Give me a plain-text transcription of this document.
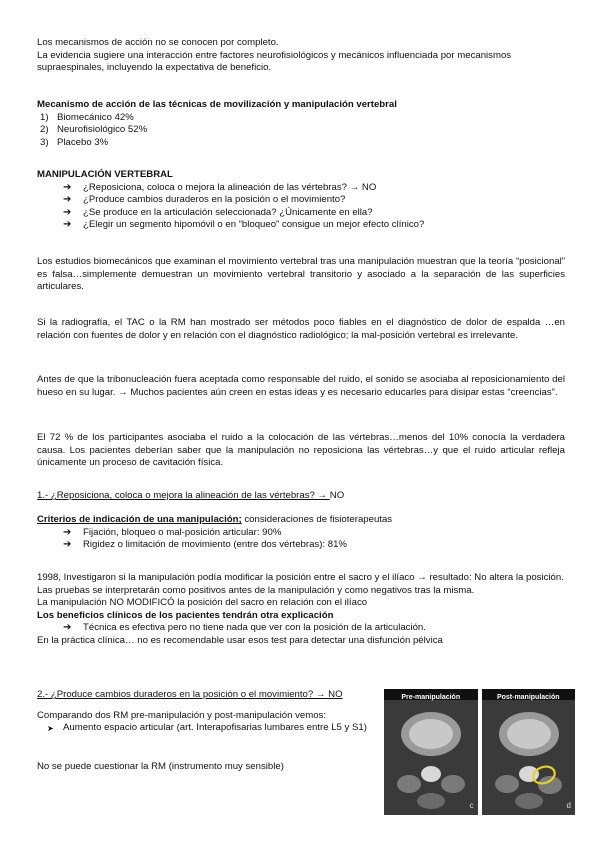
Los mecanismos de acción no se conocen por completo.

La evidencia sugiere una interacción entre factores neurofisiológicos y mecánicos influenciada por mecanismos supraespinales, incluyendo la expectativa de beneficio.

Mecanismo de acción de las técnicas de movilización y manipulación vertebral

1) Biomecánico 42%
2) Neurofisiológico 52%
3) Placebo 3%

MANIPULACIÓN VERTEBRAL

➔ ¿Reposiciona, coloca o mejora la alineación de las vértebras? → NO
➔ ¿Produce cambios duraderos en la posición o el movimiento?
➔ ¿Se produce en la articulación seleccionada? ¿Únicamente en ella?
➔ ¿Elegir un segmento hipomóvil o en “bloqueo” consigue un mejor efecto clínico?

Los estudios biomecánicos que examinan el movimiento vertebral tras una manipulación muestran que la teoría “posicional” es falsa…simplemente demuestran un movimiento vertebral transitorio y asociado a la separación de las superficies articulares.

Si la radiografía, el TAC o la RM han mostrado ser métodos poco fiables en el diagnóstico de dolor de espalda …en relación con fuentes de dolor y en relación con el diagnóstico radiológico; la mal-posición vertebral es irrelevante.

Antes de que la tribonucleación fuera aceptada como responsable del ruido, el sonido se asociaba al reposicionamiento del hueso en su lugar. → Muchos pacientes aún creen en estas ideas y es necesario educarles para disipar estas “creencias”.

El 72 % de los participantes asociaba el ruido a la colocación de las vértebras…menos del 10% conocía la verdadera causa. Los pacientes deberían saber que la manipulación no reposiciona las vértebras…y que el ruido articular refleja únicamente un proceso de cavitación física.

1.- ¿Reposiciona, coloca o mejora la alineación de las vértebras? → NO

Criterios de indicación de una manipulación; consideraciones de fisioterapeutas

➔ Fijación, bloqueo o mal-posición articular: 90%
➔ Rigidez o limitación de movimiento (entre dos vértebras): 81%

1998, Investigaron si la manipulación podía modificar la posición entre el sacro y el ilíaco → resultado: No altera la posición.

Las pruebas se interpretarán como positivos antes de la manipulación y como negativos tras la misma.

La manipulación NO MODIFICÓ la posición del sacro en relación con el ilíaco

Los beneficios clínicos de los pacientes tendrán otra explicación

➔ Técnica es efectiva pero no tiene nada que ver con la posición de la articulación.

En la práctica clínica… no es recomendable usar esos test para detectar una disfunción pélvica

2.- ¿Produce cambios duraderos en la posición o el movimiento? → NO

Comparando dos RM pre-manipulación y post-manipulación vemos:

➤ Aumento espacio articular (art. Interapofisarias lumbares entre L5 y S1)

No se puede cuestionar la RM (instrumento muy sensible)

Pre-manipulación
c
Post-manipulación
d
